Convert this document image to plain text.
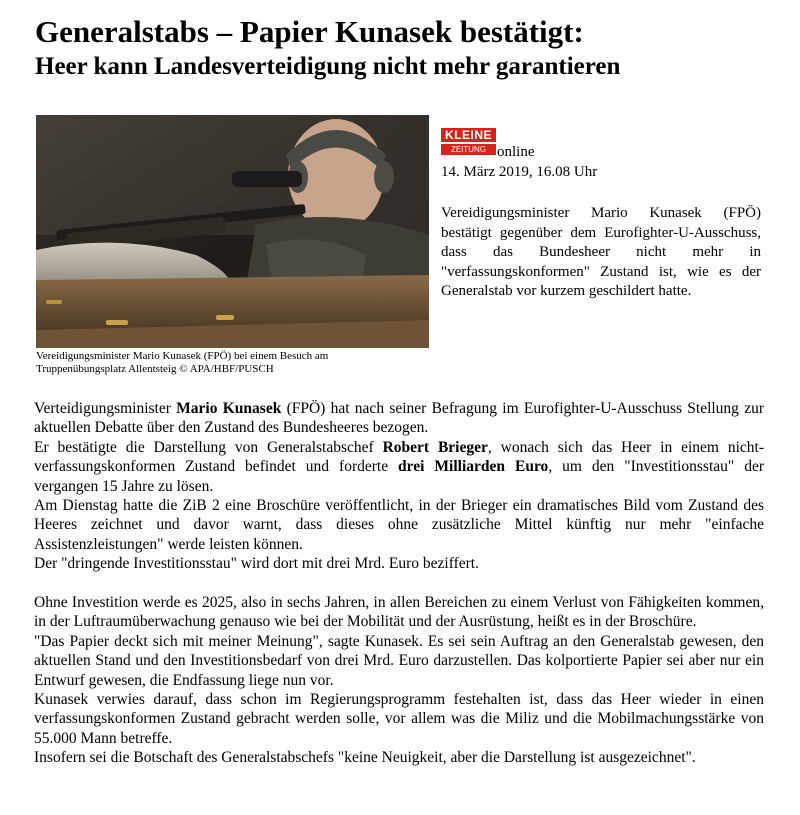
Generalstabs – Papier Kunasek bestätigt:
Heer kann Landesverteidigung nicht mehr garantieren
Vereidigungsminister Mario Kunasek (FPÖ) bei einem Besuch am Truppenübungsplatz Allentsteig © APA/HBF/PUSCH
KLEINE
ZEITUNG online
14. März 2019, 16.08 Uhr

Vereidigungsminister Mario Kunasek (FPÖ) bestätigt gegenüber dem Eurofighter-U-Ausschuss, dass das Bundesheer nicht mehr in "verfassungskonformen" Zustand ist, wie es der Generalstab vor kurzem geschildert hatte.

Verteidigungsminister Mario Kunasek (FPÖ) hat nach seiner Befragung im Eurofighter-U-Ausschuss Stellung zur aktuellen Debatte über den Zustand des Bundesheeres bezogen.

Er bestätigte die Darstellung von Generalstabschef Robert Brieger, wonach sich das Heer in einem nicht-verfassungskonformen Zustand befindet und forderte drei Milliarden Euro, um den "Investitionsstau" der vergangen 15 Jahre zu lösen.

Am Dienstag hatte die ZiB 2 eine Broschüre veröffentlicht, in der Brieger ein dramatisches Bild vom Zustand des Heeres zeichnet und davor warnt, dass dieses ohne zusätzliche Mittel künftig nur mehr "einfache Assistenzleistungen" werde leisten können.

Der "dringende Investitionsstau" wird dort mit drei Mrd. Euro beziffert.

Ohne Investition werde es 2025, also in sechs Jahren, in allen Bereichen zu einem Verlust von Fähigkeiten kommen, in der Luftraumüberwachung genauso wie bei der Mobilität und der Ausrüstung, heißt es in der Broschüre.

"Das Papier deckt sich mit meiner Meinung", sagte Kunasek. Es sei sein Auftrag an den Generalstab gewesen, den aktuellen Stand und den Investitionsbedarf von drei Mrd. Euro darzustellen. Das kolportierte Papier sei aber nur ein Entwurf gewesen, die Endfassung liege nun vor.

Kunasek verwies darauf, dass schon im Regierungsprogramm festehalten ist, dass das Heer wieder in einen verfassungskonformen Zustand gebracht werden solle, vor allem was die Miliz und die Mobilmachungsstärke von 55.000 Mann betreffe.

Insofern sei die Botschaft des Generalstabschefs "keine Neuigkeit, aber die Darstellung ist ausgezeichnet".
